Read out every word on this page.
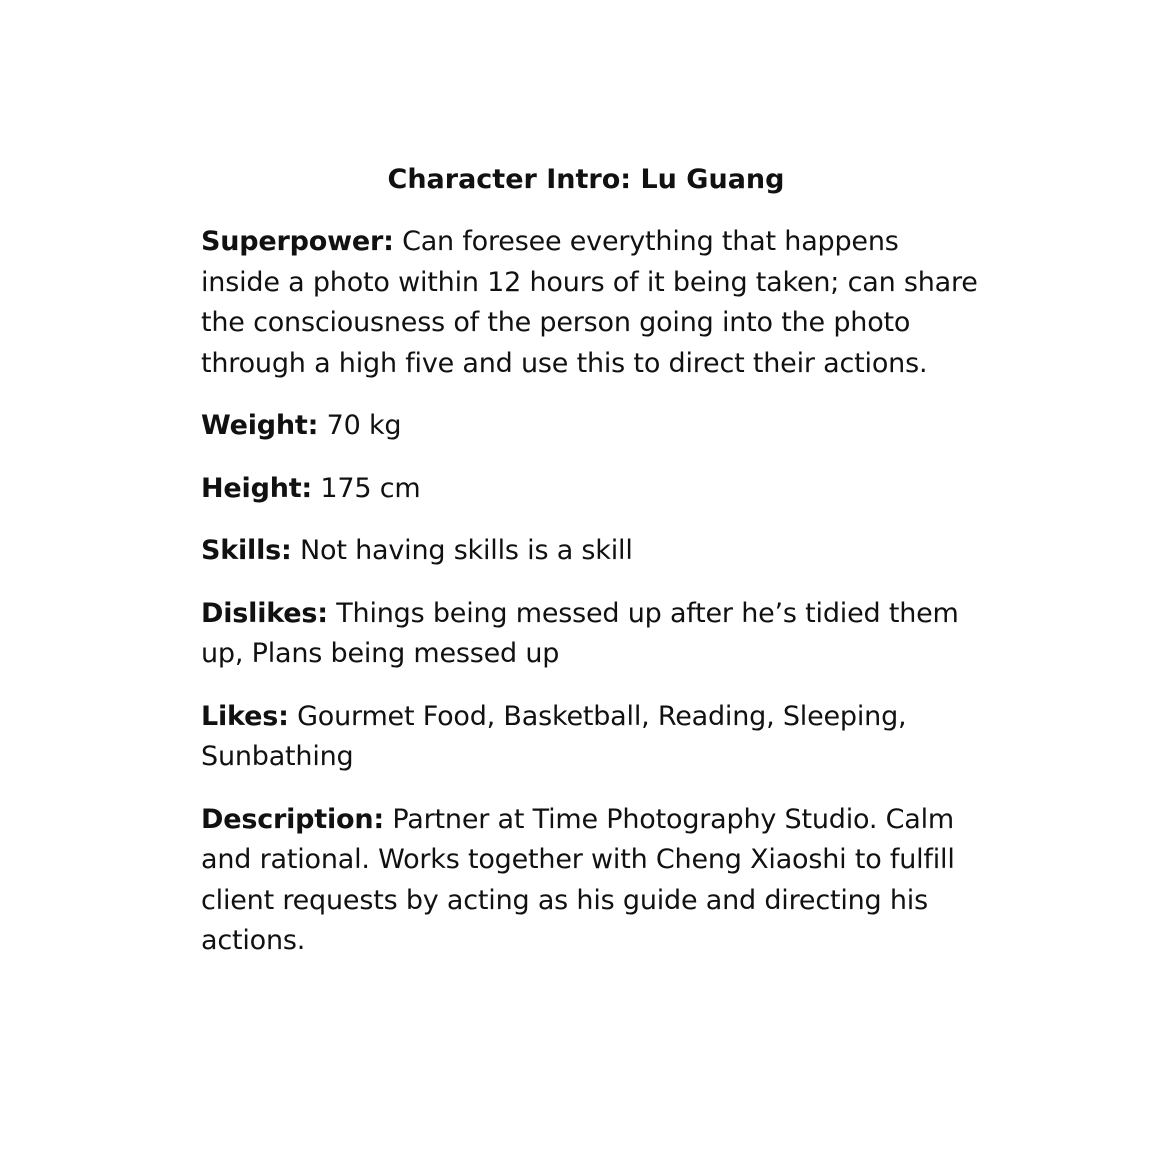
Character Intro: Lu Guang
Superpower: Can foresee everything that happens inside a photo within 12 hours of it being taken; can share the consciousness of the person going into the photo through a high five and use this to direct their actions.
Weight: 70 kg
Height: 175 cm
Skills: Not having skills is a skill
Dislikes: Things being messed up after he’s tidied them up, Plans being messed up
Likes: Gourmet Food, Basketball, Reading, Sleeping, Sunbathing
Description: Partner at Time Photography Studio. Calm and rational. Works together with Cheng Xiaoshi to fulfill client requests by acting as his guide and directing his actions.
